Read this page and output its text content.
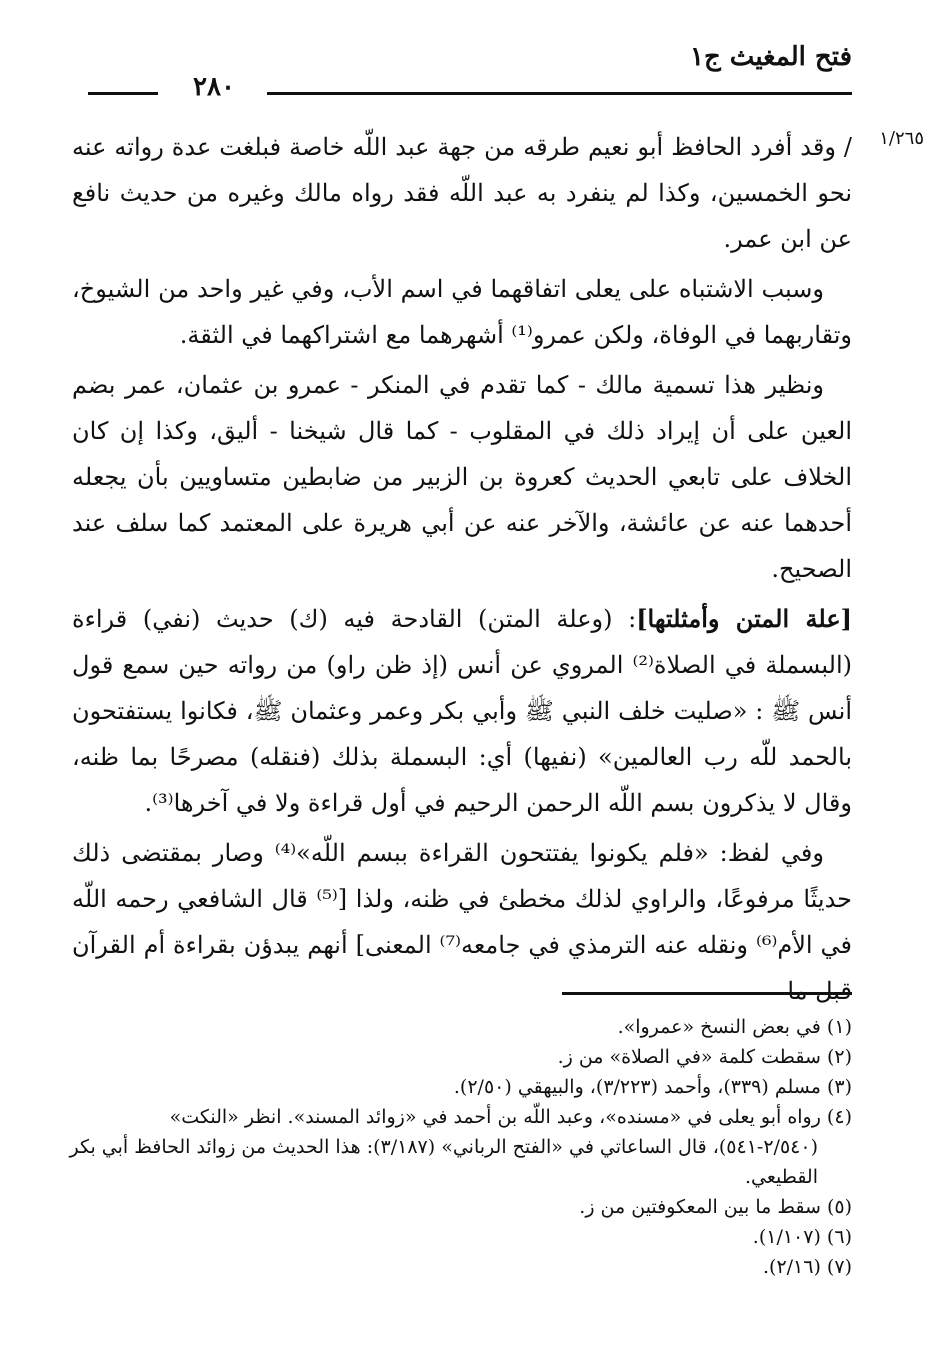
فتح المغيث ج١
٢٨٠
١/٢٦٥

/ وقد أفرد الحافظ أبو نعيم طرقه من جهة عبد اللّه خاصة فبلغت عدة رواته عنه نحو الخمسين، وكذا لم ينفرد به عبد اللّه فقد رواه مالك وغيره من حديث نافع عن ابن عمر.

وسبب الاشتباه على يعلى اتفاقهما في اسم الأب، وفي غير واحد من الشيوخ، وتقاربهما في الوفاة، ولكن عمرو⁽¹⁾ أشهرهما مع اشتراكهما في الثقة.

ونظير هذا تسمية مالك - كما تقدم في المنكر - عمرو بن عثمان، عمر بضم العين على أن إيراد ذلك في المقلوب - كما قال شيخنا - أليق، وكذا إن كان الخلاف على تابعي الحديث كعروة بن الزبير من ضابطين متساويين بأن يجعله أحدهما عنه عن عائشة، والآخر عنه عن أبي هريرة على المعتمد كما سلف عند الصحيح.

[علة المتن وأمثلتها]: (وعلة المتن) القادحة فيه (ك) حديث (نفي) قراءة (البسملة في الصلاة⁽²⁾ المروي عن أنس (إذ ظن راو) من رواته حين سمع قول أنس ﷺ : «صليت خلف النبي ﷺ وأبي بكر وعمر وعثمان ﷺ، فكانوا يستفتحون بالحمد للّه رب العالمين» (نفيها) أي: البسملة بذلك (فنقله) مصرحًا بما ظنه، وقال لا يذكرون بسم اللّه الرحمن الرحيم في أول قراءة ولا في آخرها⁽³⁾.

وفي لفظ: «فلم يكونوا يفتتحون القراءة ببسم اللّه»⁽⁴⁾ وصار بمقتضى ذلك حديثًا مرفوعًا، والراوي لذلك مخطئ في ظنه، ولذا [⁽⁵⁾ قال الشافعي رحمه اللّه في الأم⁽⁶⁾ ونقله عنه الترمذي في جامعه⁽⁷⁾ المعنى] أنهم يبدؤن بقراءة أم القرآن قبل ما

(١) في بعض النسخ «عمروا».

(٢) سقطت كلمة «في الصلاة» من ز.

(٣) مسلم (٣٣٩)، وأحمد (٣/٢٢٣)، والبيهقي (٢/٥٠).

(٤) رواه أبو يعلى في «مسنده»، وعبد اللّه بن أحمد في «زوائد المسند». انظر «النكت» (٢/٥٤٠-٥٤١)، قال الساعاتي في «الفتح الرباني» (٣/١٨٧): هذا الحديث من زوائد الحافظ أبي بكر القطيعي.

(٥) سقط ما بين المعكوفتين من ز.

(٦) (١/١٠٧).

(٧) (٢/١٦).
